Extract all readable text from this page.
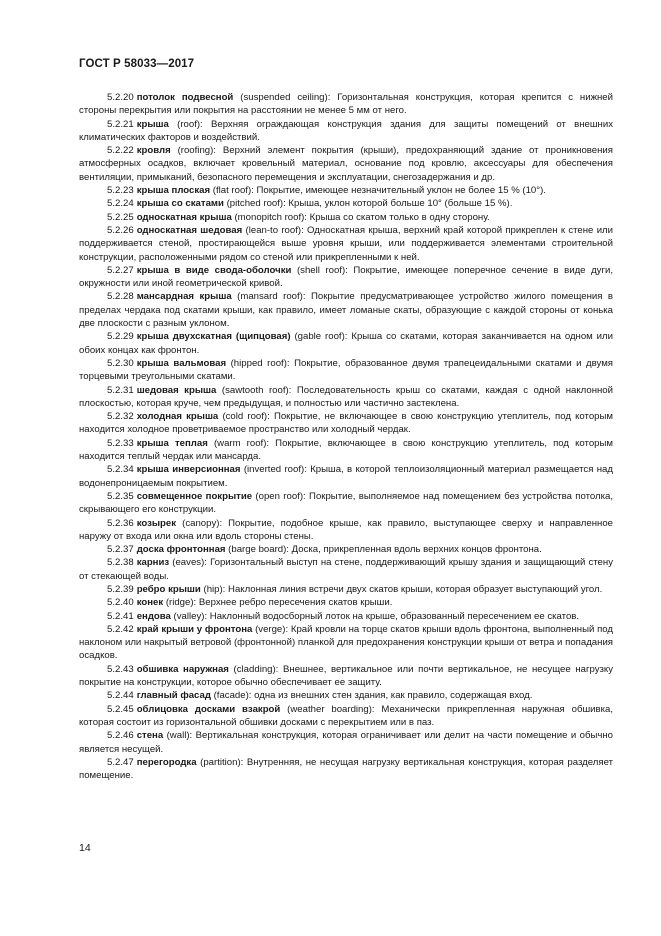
ГОСТ Р 58033—2017

5.2.20 потолок подвесной (suspended ceiling): Горизонтальная конструкция, которая крепится с нижней стороны перекрытия или покрытия на расстоянии не менее 5 мм от него.

5.2.21 крыша (roof): Верхняя ограждающая конструкция здания для защиты помещений от внешних климатических факторов и воздействий.

5.2.22 кровля (roofing): Верхний элемент покрытия (крыши), предохраняющий здание от проникновения атмосферных осадков, включает кровельный материал, основание под кровлю, аксессуары для обеспечения вентиляции, примыканий, безопасного перемещения и эксплуатации, снегозадержания и др.

5.2.23 крыша плоская (flat roof): Покрытие, имеющее незначительный уклон не более 15 % (10°).

5.2.24 крыша со скатами (pitched roof): Крыша, уклон которой больше 10° (больше 15 %).

5.2.25 односкатная крыша (monopitch roof): Крыша со скатом только в одну сторону.

5.2.26 односкатная шедовая (lean-to roof): Односкатная крыша, верхний край которой прикреплен к стене или поддерживается стеной, простирающейся выше уровня крыши, или поддерживается элементами строительной конструкции, расположенными рядом со стеной или прикрепленными к ней.

5.2.27 крыша в виде свода-оболочки (shell roof): Покрытие, имеющее поперечное сечение в виде дуги, окружности или иной геометрической кривой.

5.2.28 мансардная крыша (mansard roof): Покрытие предусматривающее устройство жилого помещения в пределах чердака под скатами крыши, как правило, имеет ломаные скаты, образующие с каждой стороны от конька две плоскости с разным уклоном.

5.2.29 крыша двухскатная (щипцовая) (gable roof): Крыша со скатами, которая заканчивается на одном или обоих концах как фронтон.

5.2.30 крыша вальмовая (hipped roof): Покрытие, образованное двумя трапецеидальными скатами и двумя торцевыми треугольными скатами.

5.2.31 шедовая крыша (sawtooth roof): Последовательность крыш со скатами, каждая с одной наклонной плоскостью, которая круче, чем предыдущая, и полностью или частично застеклена.

5.2.32 холодная крыша (cold roof): Покрытие, не включающее в свою конструкцию утеплитель, под которым находится холодное проветриваемое пространство или холодный чердак.

5.2.33 крыша теплая (warm roof): Покрытие, включающее в свою конструкцию утеплитель, под которым находится теплый чердак или мансарда.

5.2.34 крыша инверсионная (inverted roof): Крыша, в которой теплоизоляционный материал размещается над водонепроницаемым покрытием.

5.2.35 совмещенное покрытие (open roof): Покрытие, выполняемое над помещением без устройства потолка, скрывающего его конструкции.

5.2.36 козырек (canopy): Покрытие, подобное крыше, как правило, выступающее сверху и направленное наружу от входа или окна или вдоль стороны стены.

5.2.37 доска фронтонная (barge board): Доска, прикрепленная вдоль верхних концов фронтона.

5.2.38 карниз (eaves): Горизонтальный выступ на стене, поддерживающий крышу здания и защищающий стену от стекающей воды.

5.2.39 ребро крыши (hip): Наклонная линия встречи двух скатов крыши, которая образует выступающий угол.

5.2.40 конек (ridge): Верхнее ребро пересечения скатов крыши.

5.2.41 ендова (valley): Наклонный водосборный лоток на крыше, образованный пересечением ее скатов.

5.2.42 край крыши у фронтона (verge): Край кровли на торце скатов крыши вдоль фронтона, выполненный под наклоном или накрытый ветровой (фронтонной) планкой для предохранения конструкции крыши от ветра и попадания осадков.

5.2.43 обшивка наружная (cladding): Внешнее, вертикальное или почти вертикальное, не несущее нагрузку покрытие на конструкции, которое обычно обеспечивает ее защиту.

5.2.44 главный фасад (facade): одна из внешних стен здания, как правило, содержащая вход.

5.2.45 облицовка досками взакрой (weather boarding): Механически прикрепленная наружная обшивка, которая состоит из горизонтальной обшивки досками с перекрытием или в паз.

5.2.46 стена (wall): Вертикальная конструкция, которая ограничивает или делит на части помещение и обычно является несущей.

5.2.47 перегородка (partition): Внутренняя, не несущая нагрузку вертикальная конструкция, которая разделяет помещение.

14
